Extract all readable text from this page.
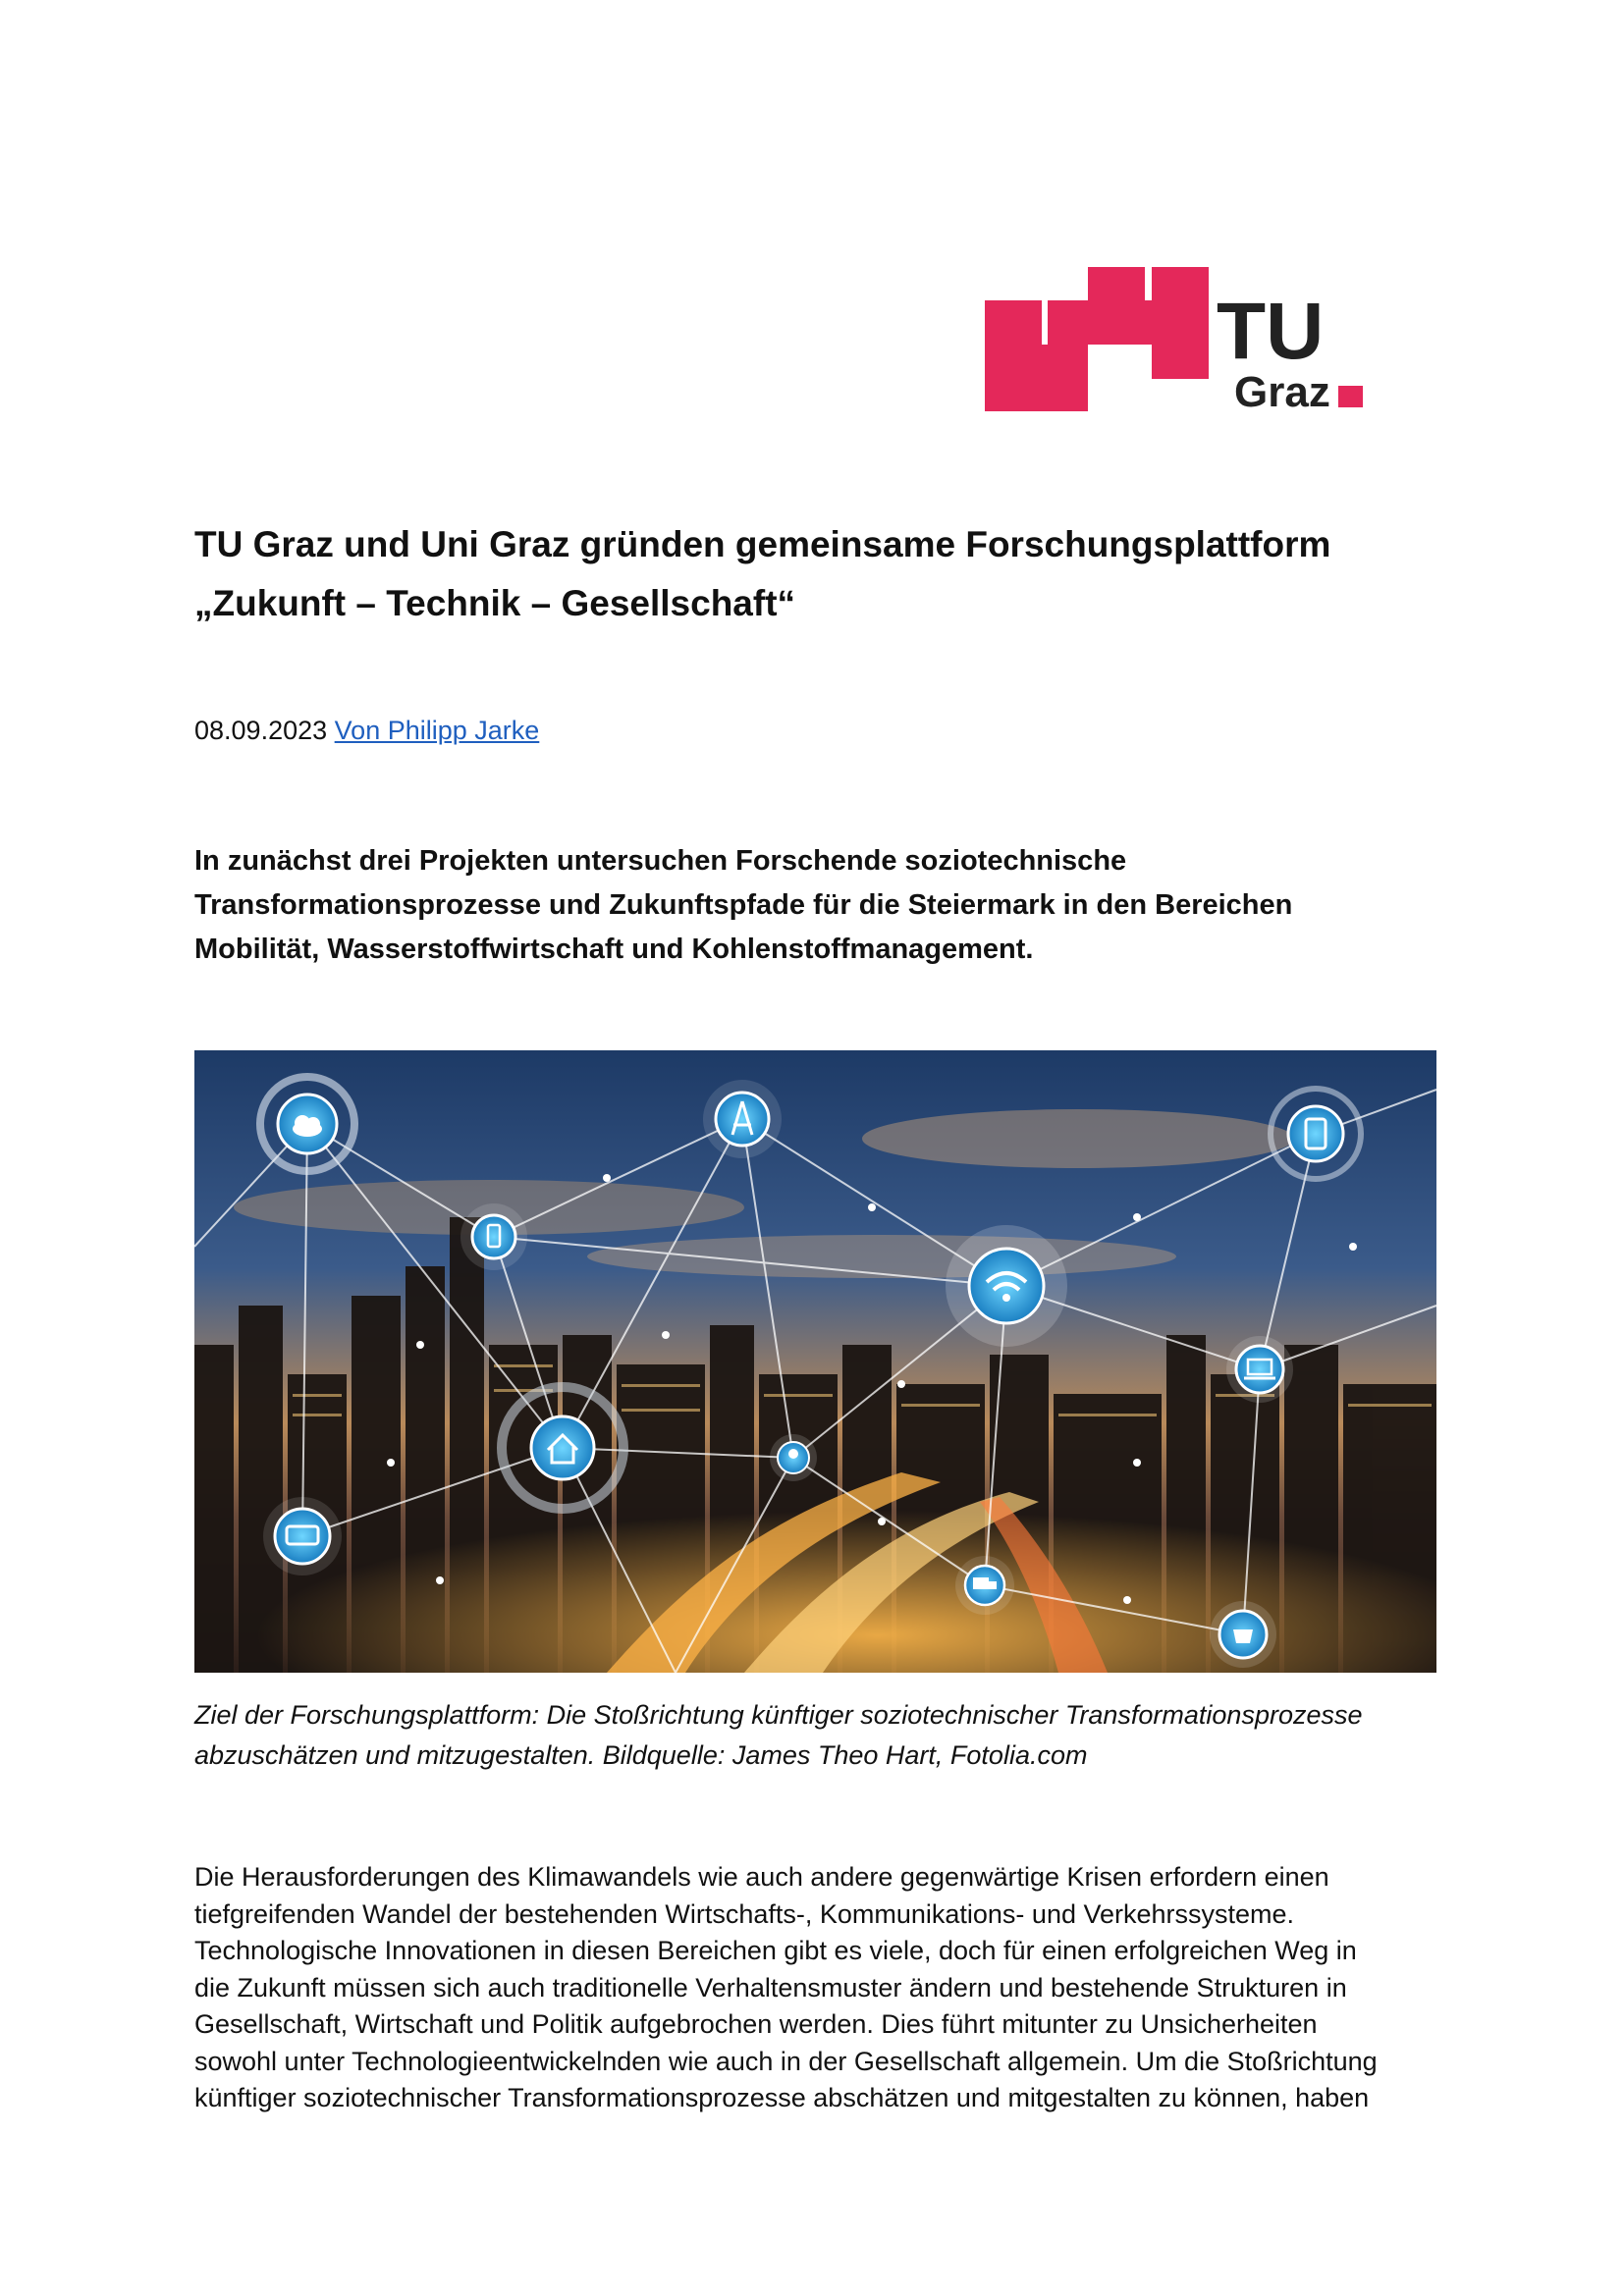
TU
Graz
TU Graz und Uni Graz gründen gemeinsame Forschungsplattform
„Zukunft – Technik – Gesellschaft“
08.09.2023 Von Philipp Jarke

In zunächst drei Projekten untersuchen Forschende soziotechnische
Transformationsprozesse und Zukunftspfade für die Steiermark in den Bereichen
Mobilität, Wasserstoffwirtschaft und Kohlenstoffmanagement.

Ziel der Forschungsplattform: Die Stoßrichtung künftiger soziotechnischer Transformationsprozesse
abzuschätzen und mitzugestalten. Bildquelle: James Theo Hart, Fotolia.com

Die Herausforderungen des Klimawandels wie auch andere gegenwärtige Krisen erfordern einen
tiefgreifenden Wandel der bestehenden Wirtschafts-, Kommunikations- und Verkehrssysteme.
Technologische Innovationen in diesen Bereichen gibt es viele, doch für einen erfolgreichen Weg in
die Zukunft müssen sich auch traditionelle Verhaltensmuster ändern und bestehende Strukturen in
Gesellschaft, Wirtschaft und Politik aufgebrochen werden. Dies führt mitunter zu Unsicherheiten
sowohl unter Technologieentwickelnden wie auch in der Gesellschaft allgemein. Um die Stoßrichtung
künftiger soziotechnischer Transformationsprozesse abschätzen und mitgestalten zu können, haben
